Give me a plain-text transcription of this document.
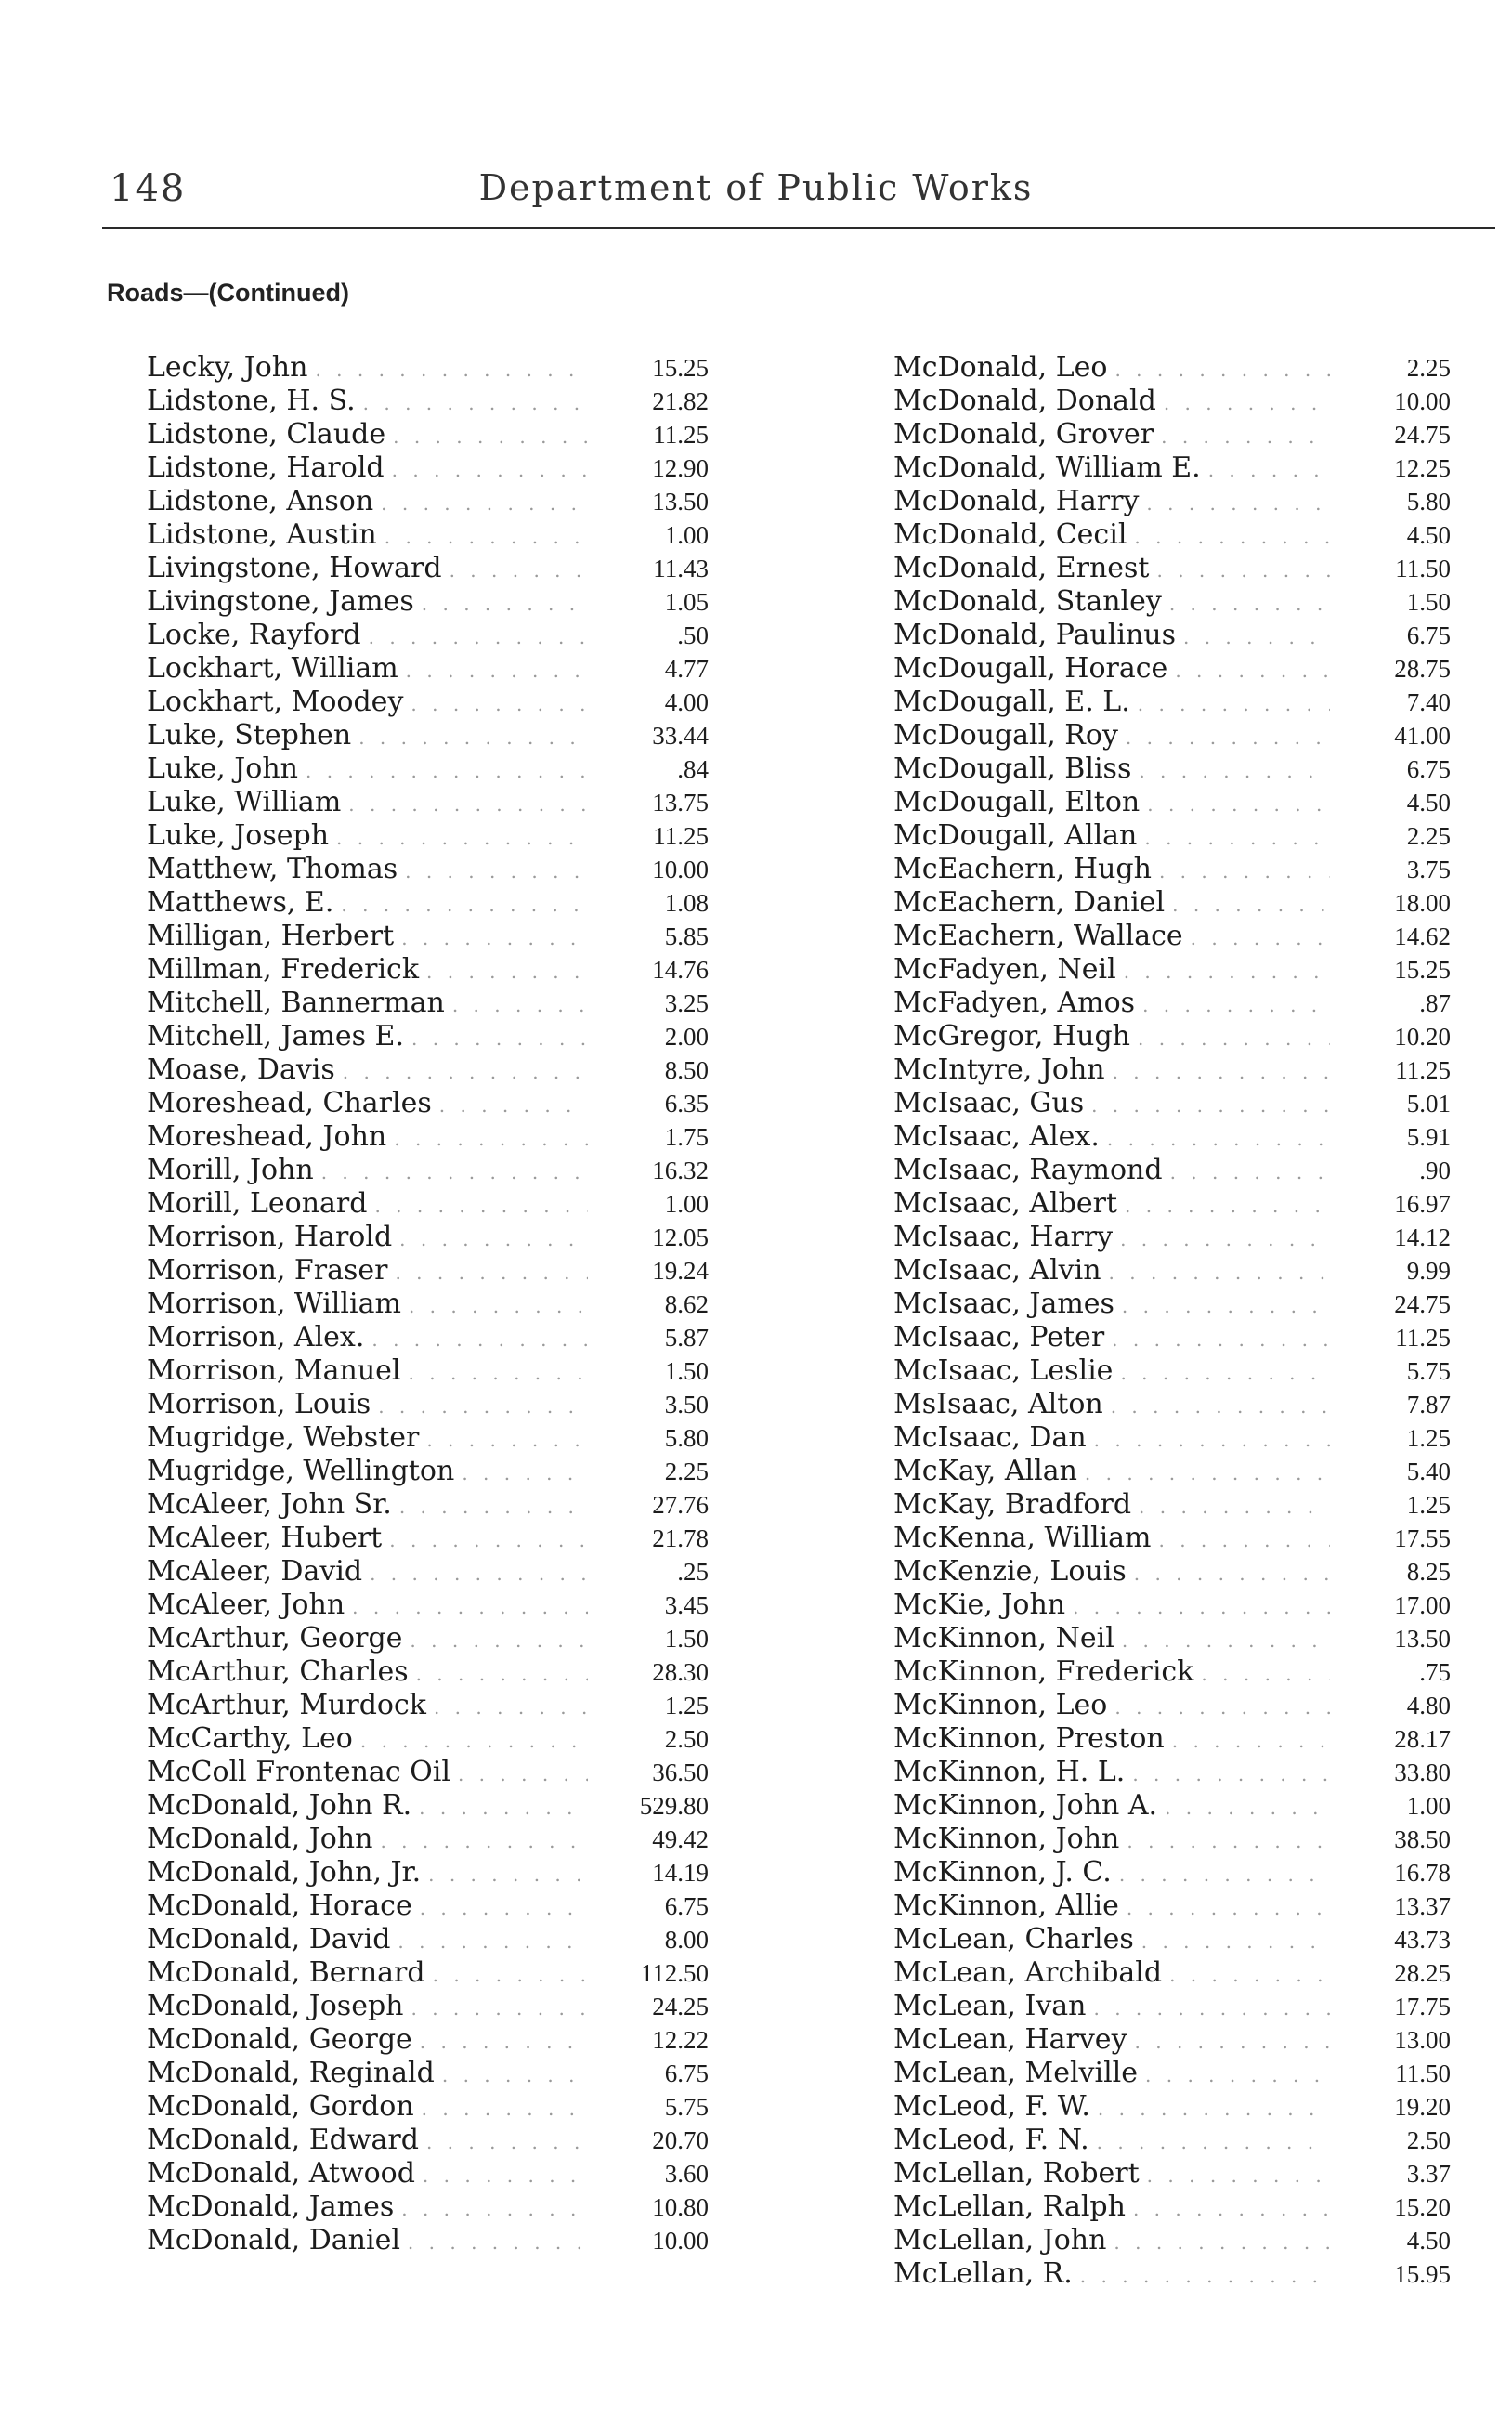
148	Department of Public Works
Roads—(Continued)
Lecky, John . . .	15.25
Lidstone, H. S. . . .	21.82
Lidstone, Claude . . .	11.25
Lidstone, Harold . . .	12.90
Lidstone, Anson . . .	13.50
Lidstone, Austin . . .	1.00
Livingstone, Howard . . .	11.43
Livingstone, James . . .	1.05
Locke, Rayford . . .	.50
Lockhart, William . . .	4.77
Lockhart, Moodey . . .	4.00
Luke, Stephen . . .	33.44
Luke, John . . .	.84
Luke, William . . .	13.75
Luke, Joseph . . .	11.25
Matthew, Thomas . . .	10.00
Matthews, E. . . .	1.08
Milligan, Herbert . . .	5.85
Millman, Frederick . . .	14.76
Mitchell, Bannerman . . .	3.25
Mitchell, James E. . . .	2.00
Moase, Davis . . .	8.50
Moreshead, Charles . . .	6.35
Moreshead, John . . .	1.75
Morill, John . . .	16.32
Morill, Leonard . . .	1.00
Morrison, Harold . . .	12.05
Morrison, Fraser . . .	19.24
Morrison, William . . .	8.62
Morrison, Alex. . . .	5.87
Morrison, Manuel . . .	1.50
Morrison, Louis . . .	3.50
Mugridge, Webster . . .	5.80
Mugridge, Wellington . . .	2.25
McAleer, John Sr. . . .	27.76
McAleer, Hubert . . .	21.78
McAleer, David . . .	.25
McAleer, John . . .	3.45
McArthur, George . . .	1.50
McArthur, Charles . . .	28.30
McArthur, Murdock . . .	1.25
McCarthy, Leo . . .	2.50
McColl Frontenac Oil . . .	36.50
McDonald, John R. . . .	529.80
McDonald, John . . .	49.42
McDonald, John, Jr. . . .	14.19
McDonald, Horace . . .	6.75
McDonald, David . . .	8.00
McDonald, Bernard . . .	112.50
McDonald, Joseph . . .	24.25
McDonald, George . . .	12.22
McDonald, Reginald . . .	6.75
McDonald, Gordon . . .	5.75
McDonald, Edward . . .	20.70
McDonald, Atwood . . .	3.60
McDonald, James . . .	10.80
McDonald, Daniel . . .	10.00
McDonald, Leo . . .	2.25
McDonald, Donald . . .	10.00
McDonald, Grover . . .	24.75
McDonald, William E. . . .	12.25
McDonald, Harry . . .	5.80
McDonald, Cecil . . .	4.50
McDonald, Ernest . . .	11.50
McDonald, Stanley . . .	1.50
McDonald, Paulinus . . .	6.75
McDougall, Horace . . .	28.75
McDougall, E. L. . . .	7.40
McDougall, Roy . . .	41.00
McDougall, Bliss . . .	6.75
McDougall, Elton . . .	4.50
McDougall, Allan . . .	2.25
McEachern, Hugh . . .	3.75
McEachern, Daniel . . .	18.00
McEachern, Wallace . . .	14.62
McFadyen, Neil . . .	15.25
McFadyen, Amos . . .	.87
McGregor, Hugh . . .	10.20
McIntyre, John . . .	11.25
McIsaac, Gus . . .	5.01
McIsaac, Alex. . . .	5.91
McIsaac, Raymond . . .	.90
McIsaac, Albert . . .	16.97
McIsaac, Harry . . .	14.12
McIsaac, Alvin . . .	9.99
McIsaac, James . . .	24.75
McIsaac, Peter . . .	11.25
McIsaac, Leslie . . .	5.75
MsIsaac, Alton . . .	7.87
McIsaac, Dan . . .	1.25
McKay, Allan . . .	5.40
McKay, Bradford . . .	1.25
McKenna, William . . .	17.55
McKenzie, Louis . . .	8.25
McKie, John . . .	17.00
McKinnon, Neil . . .	13.50
McKinnon, Frederick . . .	.75
McKinnon, Leo . . .	4.80
McKinnon, Preston . . .	28.17
McKinnon, H. L. . . .	33.80
McKinnon, John A. . . .	1.00
McKinnon, John . . .	38.50
McKinnon, J. C. . . .	16.78
McKinnon, Allie . . .	13.37
McLean, Charles . . .	43.73
McLean, Archibald . . .	28.25
McLean, Ivan . . .	17.75
McLean, Harvey . . .	13.00
McLean, Melville . . .	11.50
McLeod, F. W. . . .	19.20
McLeod, F. N. . . .	2.50
McLellan, Robert . . .	3.37
McLellan, Ralph . . .	15.20
McLellan, John . . .	4.50
McLellan, R. . . .	15.95
